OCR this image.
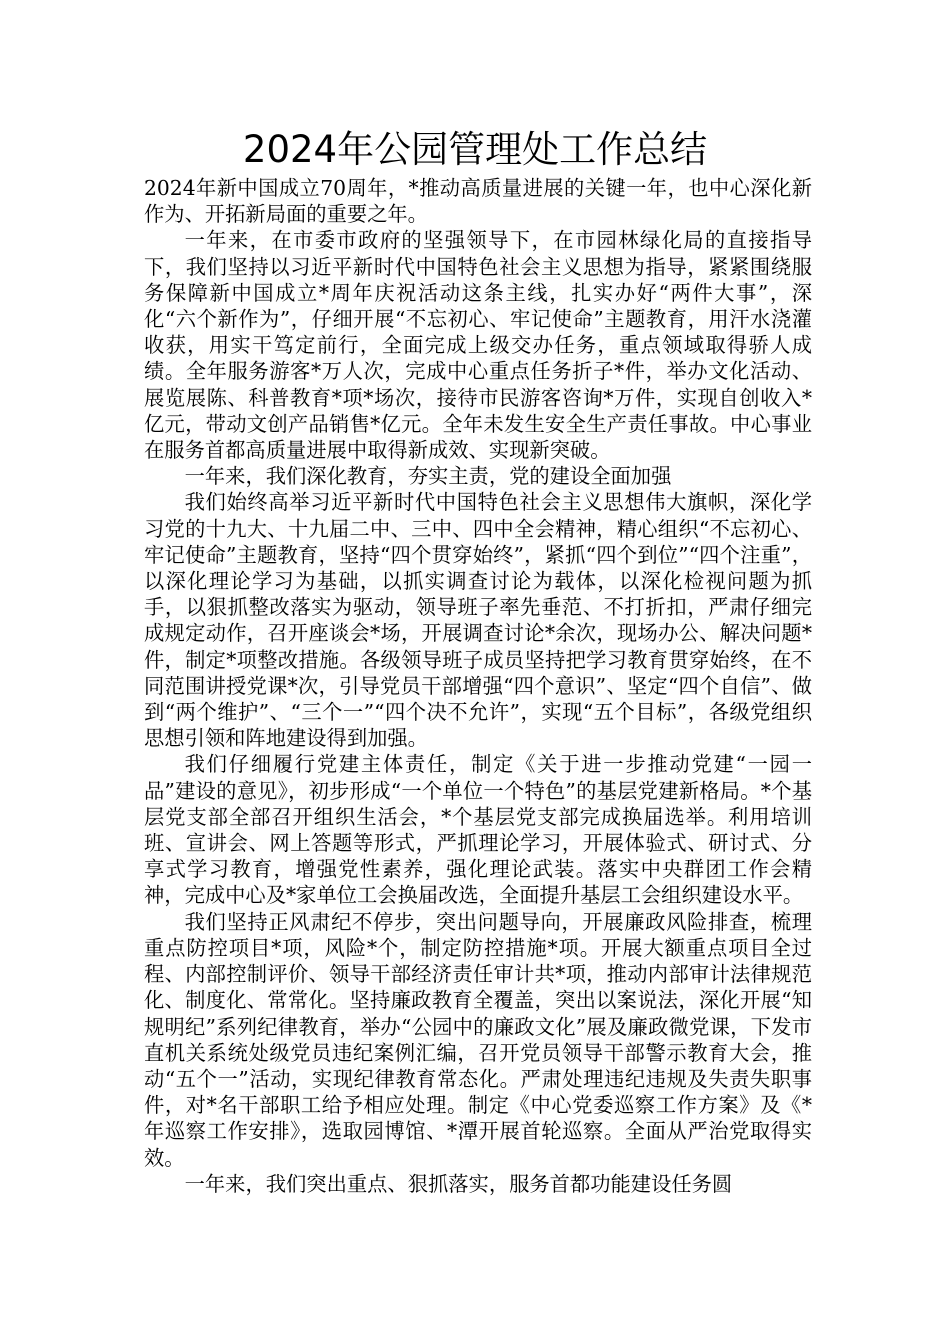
2024年公园管理处工作总结

2024年新中国成立70周年，*推动高质量进展的关键一年，也中心深化新作为、开拓新局面的重要之年。

一年来，在市委市政府的坚强领导下，在市园林绿化局的直接指导下，我们坚持以习近平新时代中国特色社会主义思想为指导，紧紧围绕服务保障新中国成立*周年庆祝活动这条主线，扎实办好“两件大事”，深化“六个新作为”，仔细开展“不忘初心、牢记使命”主题教育，用汗水浇灌收获，用实干笃定前行，全面完成上级交办任务，重点领域取得骄人成绩。全年服务游客*万人次，完成中心重点任务折子*件，举办文化活动、展览展陈、科普教育*项*场次，接待市民游客咨询*万件，实现自创收入*亿元，带动文创产品销售*亿元。全年未发生安全生产责任事故。中心事业在服务首都高质量进展中取得新成效、实现新突破。

一年来，我们深化教育，夯实主责，党的建设全面加强

我们始终高举习近平新时代中国特色社会主义思想伟大旗帜，深化学习党的十九大、十九届二中、三中、四中全会精神，精心组织“不忘初心、牢记使命”主题教育，坚持“四个贯穿始终”，紧抓“四个到位”“四个注重”，以深化理论学习为基础，以抓实调查讨论为载体，以深化检视问题为抓手，以狠抓整改落实为驱动，领导班子率先垂范、不打折扣，严肃仔细完成规定动作，召开座谈会*场，开展调查讨论*余次，现场办公、解决问题*件，制定*项整改措施。各级领导班子成员坚持把学习教育贯穿始终，在不同范围讲授党课*次，引导党员干部增强“四个意识”、坚定“四个自信”、做到“两个维护”、“三个一”“四个决不允许”，实现“五个目标”，各级党组织思想引领和阵地建设得到加强。

我们仔细履行党建主体责任，制定《关于进一步推动党建“一园一品”建设的意见》，初步形成“一个单位一个特色”的基层党建新格局。*个基层党支部全部召开组织生活会，*个基层党支部完成换届选举。利用培训班、宣讲会、网上答题等形式，严抓理论学习，开展体验式、研讨式、分享式学习教育，增强党性素养，强化理论武装。落实中央群团工作会精神，完成中心及*家单位工会换届改选，全面提升基层工会组织建设水平。

我们坚持正风肃纪不停步，突出问题导向，开展廉政风险排查，梳理重点防控项目*项，风险*个，制定防控措施*项。开展大额重点项目全过程、内部控制评价、领导干部经济责任审计共*项，推动内部审计法律规范化、制度化、常常化。坚持廉政教育全覆盖，突出以案说法，深化开展“知规明纪”系列纪律教育，举办“公园中的廉政文化”展及廉政微党课，下发市直机关系统处级党员违纪案例汇编，召开党员领导干部警示教育大会，推动“五个一”活动，实现纪律教育常态化。严肃处理违纪违规及失责失职事件，对*名干部职工给予相应处理。制定《中心党委巡察工作方案》及《*年巡察工作安排》，选取园博馆、*潭开展首轮巡察。全面从严治党取得实效。

一年来，我们突出重点、狠抓落实，服务首都功能建设任务圆
